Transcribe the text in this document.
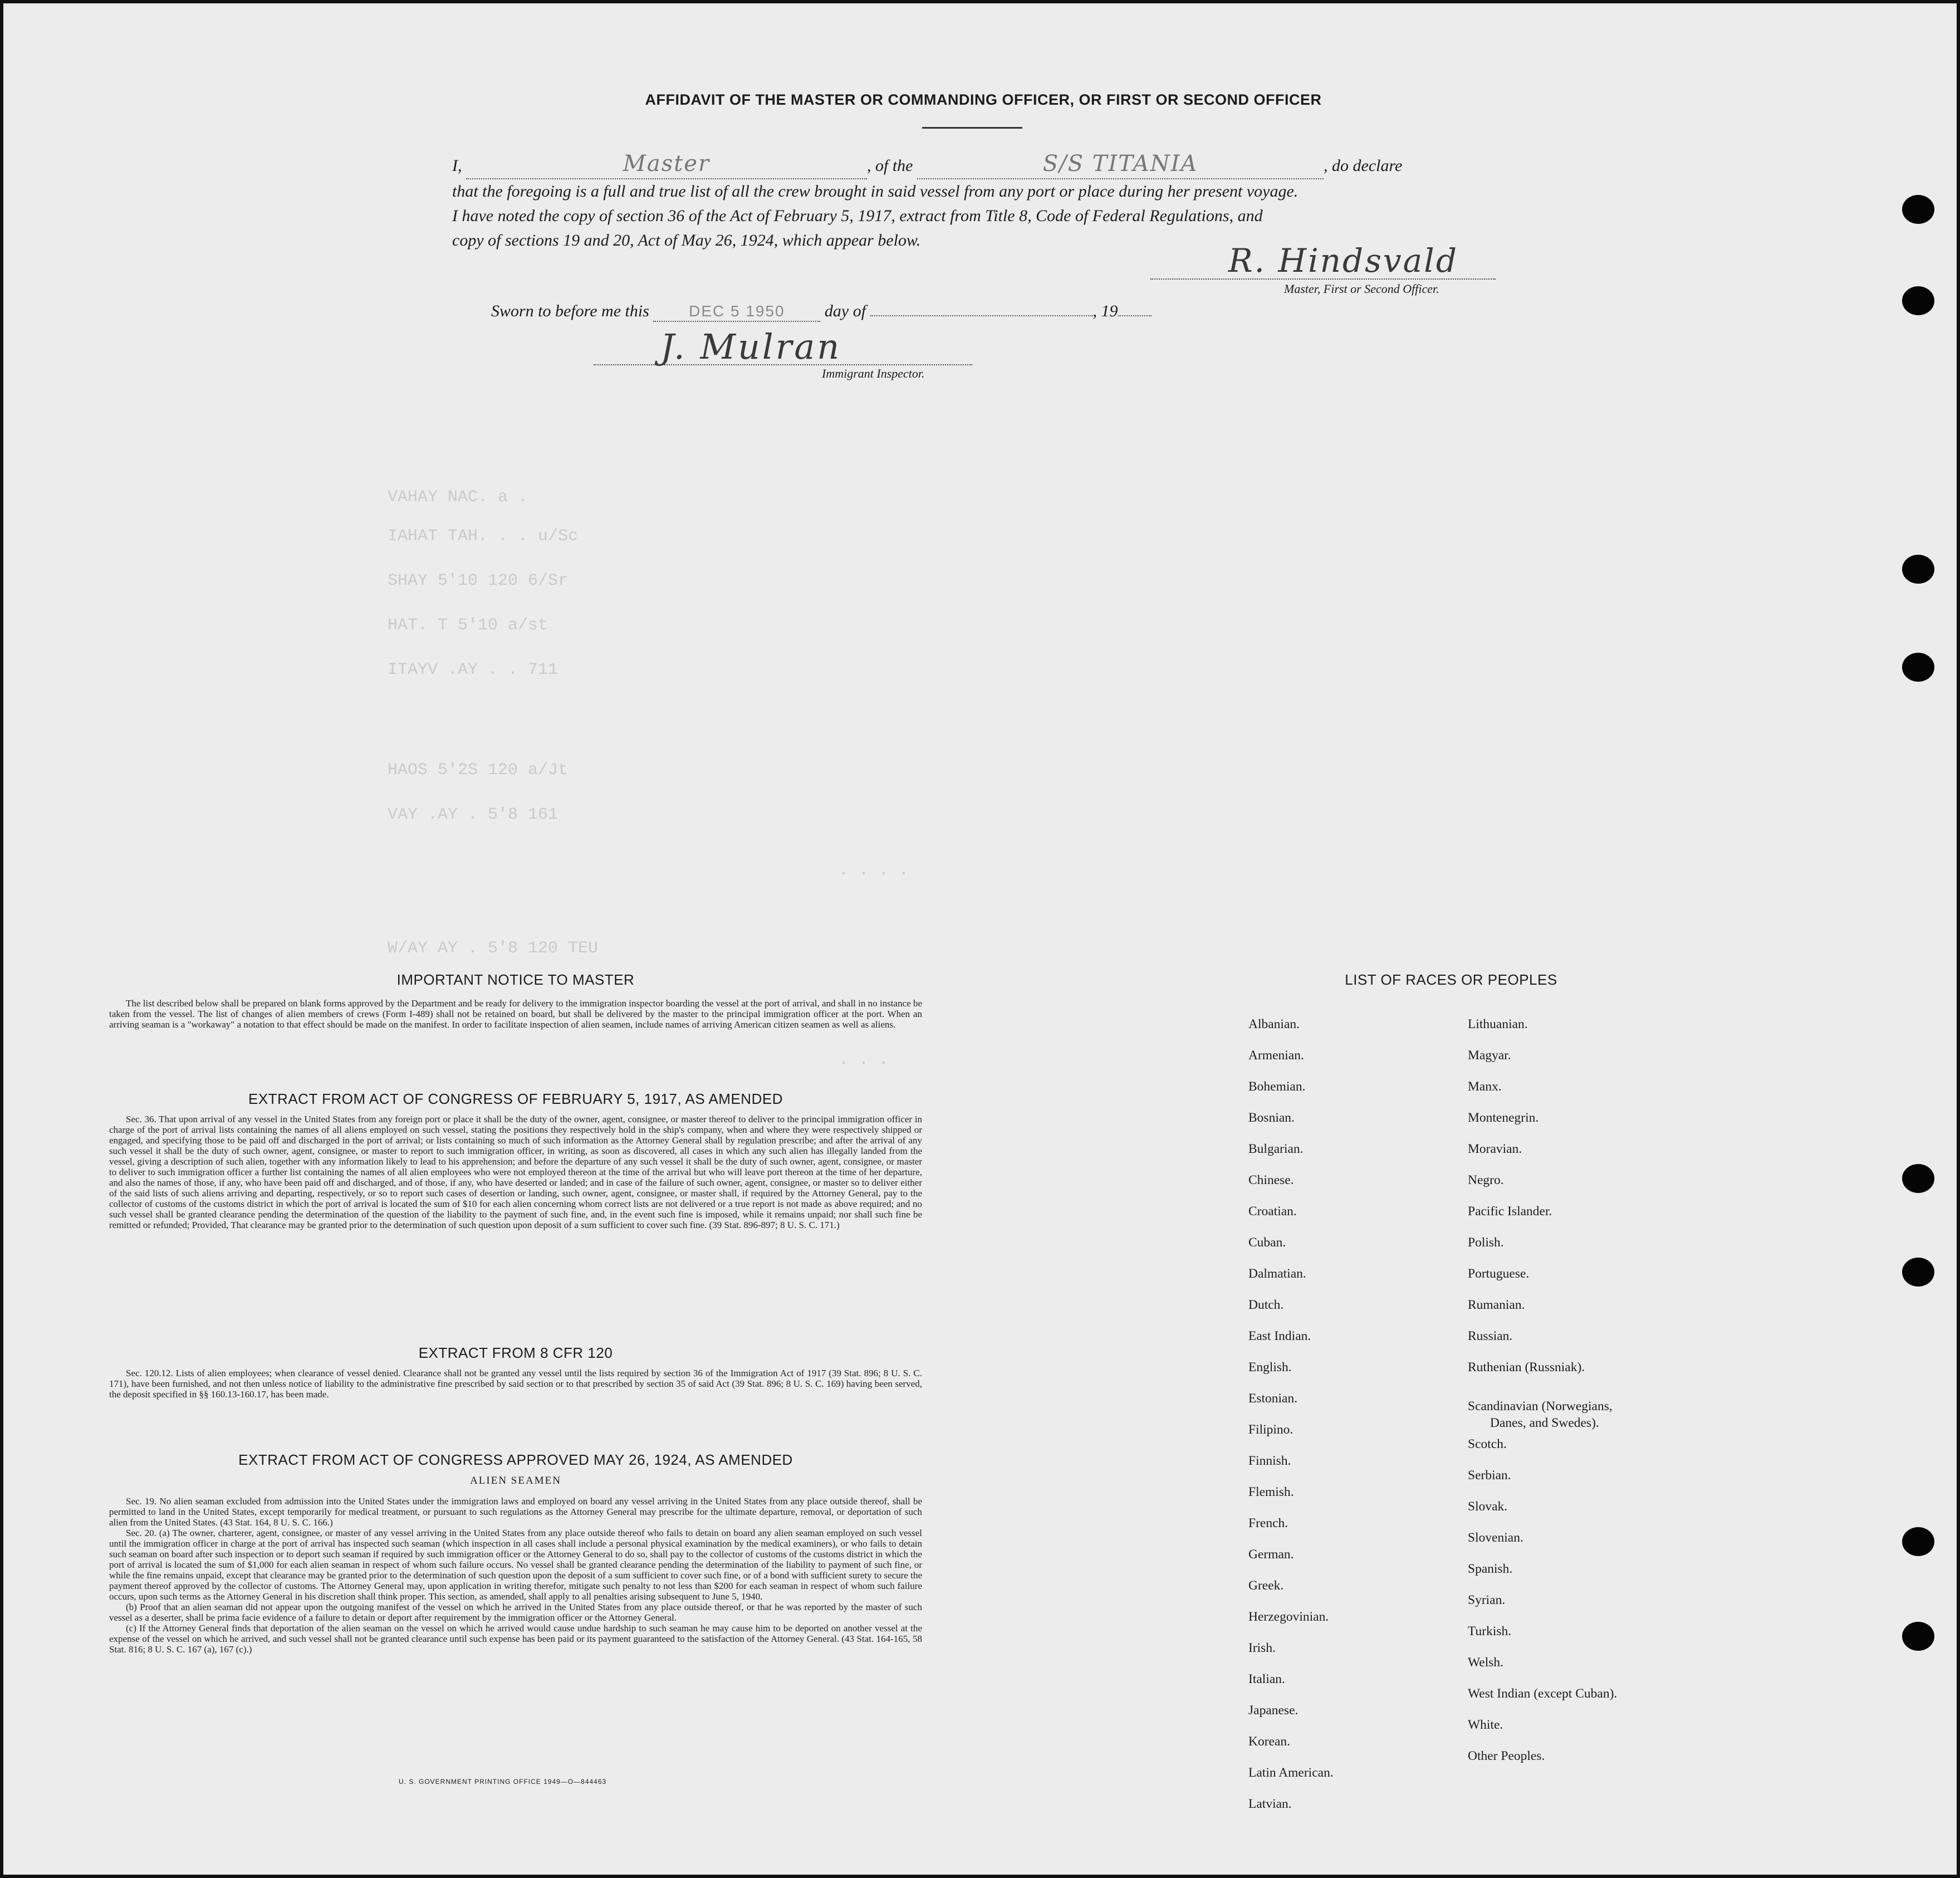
VAHAY NAC. a .
IAHAT TAH. . . u/Sc
SHAY 5'10 120 6/Sr
HAT. T 5'10 a/st
ITAYV .AY . . 711
HAOS 5'2S 120 a/Jt
VAY .AY . 5'8 161
W/AY AY . 5'8 120 TEU
. . . .
. . .
AFFIDAVIT OF THE MASTER OR COMMANDING OFFICER, OR FIRST OR SECOND OFFICER
I,	Master	, of the	S/S TITANIA	, do declare
that the foregoing is a full and true list of all the crew brought in said vessel from any port or place during her present voyage.
I have noted the copy of section 36 of the Act of February 5, 1917, extract from Title 8, Code of Federal Regulations, and
copy of sections 19 and 20, Act of May 26, 1924, which appear below.
R. Hindsvald
Master, First or Second Officer.
Sworn to before me this	DEC 5 1950 day of	, 19
J. Mulran
Immigrant Inspector.
IMPORTANT NOTICE TO MASTER

The list described below shall be prepared on blank forms approved by the Department and be ready for delivery to the immigration inspector boarding the vessel at the port of arrival, and shall in no instance be taken from the vessel. The list of changes of alien members of crews (Form I-489) shall not be retained on board, but shall be delivered by the master to the principal immigration officer at the port. When an arriving seaman is a "workaway" a notation to that effect should be made on the manifest. In order to facilitate inspection of alien seamen, include names of arriving American citizen seamen as well as aliens.

EXTRACT FROM ACT OF CONGRESS OF FEBRUARY 5, 1917, AS AMENDED

Sec. 36. That upon arrival of any vessel in the United States from any foreign port or place it shall be the duty of the owner, agent, consignee, or master thereof to deliver to the principal immigration officer in charge of the port of arrival lists containing the names of all aliens employed on such vessel, stating the positions they respectively hold in the ship's company, when and where they were respectively shipped or engaged, and specifying those to be paid off and discharged in the port of arrival; or lists containing so much of such information as the Attorney General shall by regulation prescribe; and after the arrival of any such vessel it shall be the duty of such owner, agent, consignee, or master to report to such immigration officer, in writing, as soon as discovered, all cases in which any such alien has illegally landed from the vessel, giving a description of such alien, together with any information likely to lead to his apprehension; and before the departure of any such vessel it shall be the duty of such owner, agent, consignee, or master to deliver to such immigration officer a further list containing the names of all alien employees who were not employed thereon at the time of the arrival but who will leave port thereon at the time of her departure, and also the names of those, if any, who have been paid off and discharged, and of those, if any, who have deserted or landed; and in case of the failure of such owner, agent, consignee, or master so to deliver either of the said lists of such aliens arriving and departing, respectively, or so to report such cases of desertion or landing, such owner, agent, consignee, or master shall, if required by the Attorney General, pay to the collector of customs of the customs district in which the port of arrival is located the sum of $10 for each alien concerning whom correct lists are not delivered or a true report is not made as above required; and no such vessel shall be granted clearance pending the determination of the question of the liability to the payment of such fine, and, in the event such fine is imposed, while it remains unpaid; nor shall such fine be remitted or refunded; Provided, That clearance may be granted prior to the determination of such question upon deposit of a sum sufficient to cover such fine. (39 Stat. 896-897; 8 U. S. C. 171.)

EXTRACT FROM 8 CFR 120

Sec. 120.12. Lists of alien employees; when clearance of vessel denied. Clearance shall not be granted any vessel until the lists required by section 36 of the Immigration Act of 1917 (39 Stat. 896; 8 U. S. C. 171), have been furnished, and not then unless notice of liability to the administrative fine prescribed by said section or to that prescribed by section 35 of said Act (39 Stat. 896; 8 U. S. C. 169) having been served, the deposit specified in §§ 160.13-160.17, has been made.

EXTRACT FROM ACT OF CONGRESS APPROVED MAY 26, 1924, AS AMENDED
ALIEN SEAMEN

Sec. 19. No alien seaman excluded from admission into the United States under the immigration laws and employed on board any vessel arriving in the United States from any place outside thereof, shall be permitted to land in the United States, except temporarily for medical treatment, or pursuant to such regulations as the Attorney General may prescribe for the ultimate departure, removal, or deportation of such alien from the United States. (43 Stat. 164, 8 U. S. C. 166.)

Sec. 20. (a) The owner, charterer, agent, consignee, or master of any vessel arriving in the United States from any place outside thereof who fails to detain on board any alien seaman employed on such vessel until the immigration officer in charge at the port of arrival has inspected such seaman (which inspection in all cases shall include a personal physical examination by the medical examiners), or who fails to detain such seaman on board after such inspection or to deport such seaman if required by such immigration officer or the Attorney General to do so, shall pay to the collector of customs of the customs district in which the port of arrival is located the sum of $1,000 for each alien seaman in respect of whom such failure occurs. No vessel shall be granted clearance pending the determination of the liability to payment of such fine, or while the fine remains unpaid, except that clearance may be granted prior to the determination of such question upon the deposit of a sum sufficient to cover such fine, or of a bond with sufficient surety to secure the payment thereof approved by the collector of customs. The Attorney General may, upon application in writing therefor, mitigate such penalty to not less than $200 for each seaman in respect of whom such failure occurs, upon such terms as the Attorney General in his discretion shall think proper. This section, as amended, shall apply to all penalties arising subsequent to June 5, 1940.

(b) Proof that an alien seaman did not appear upon the outgoing manifest of the vessel on which he arrived in the United States from any place outside thereof, or that he was reported by the master of such vessel as a deserter, shall be prima facie evidence of a failure to detain or deport after requirement by the immigration officer or the Attorney General.

(c) If the Attorney General finds that deportation of the alien seaman on the vessel on which he arrived would cause undue hardship to such seaman he may cause him to be deported on another vessel at the expense of the vessel on which he arrived, and such vessel shall not be granted clearance until such expense has been paid or its payment guaranteed to the satisfaction of the Attorney General. (43 Stat. 164-165, 58 Stat. 816; 8 U. S. C. 167 (a), 167 (c).)

U. S. GOVERNMENT PRINTING OFFICE 1949—O—844463
LIST OF RACES OR PEOPLES
Albanian.
Armenian.
Bohemian.
Bosnian.
Bulgarian.
Chinese.
Croatian.
Cuban.
Dalmatian.
Dutch.
East Indian.
English.
Estonian.
Filipino.
Finnish.
Flemish.
French.
German.
Greek.
Herzegovinian.
Irish.
Italian.
Japanese.
Korean.
Latin American.
Latvian.
Lithuanian.
Magyar.
Manx.
Montenegrin.
Moravian.
Negro.
Pacific Islander.
Polish.
Portuguese.
Rumanian.
Russian.
Ruthenian (Russniak).
Scandinavian (Norwegians,
Danes, and Swedes).
Scotch.
Serbian.
Slovak.
Slovenian.
Spanish.
Syrian.
Turkish.
Welsh.
West Indian (except Cuban).
White.
Other Peoples.
